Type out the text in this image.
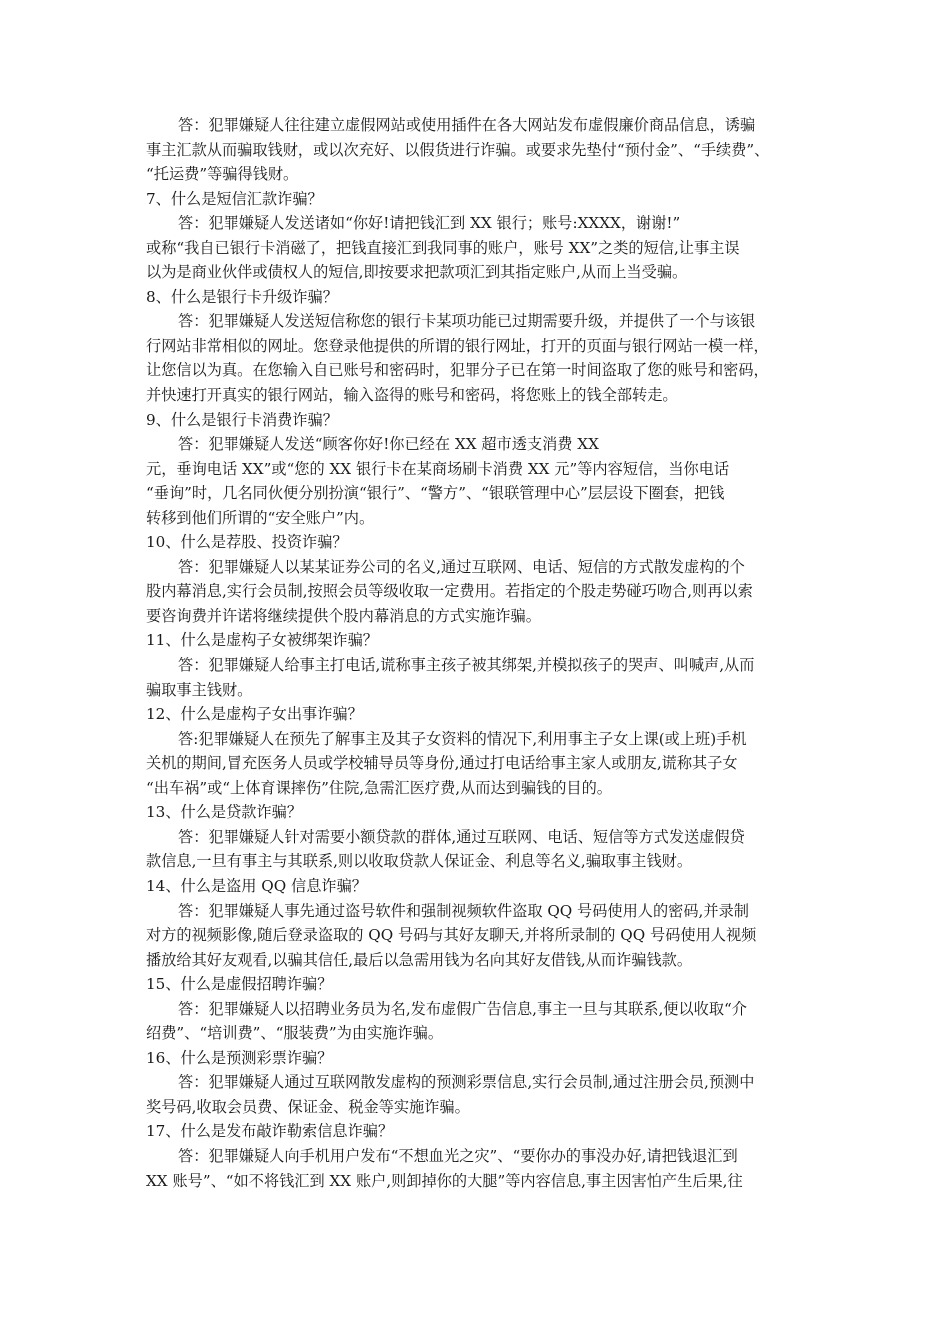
答：犯罪嫌疑人往往建立虚假网站或使用插件在各大网站发布虚假廉价商品信息，诱骗
事主汇款从而骗取钱财，或以次充好、以假货进行诈骗。或要求先垫付“预付金”、“手续费”、
“托运费”等骗得钱财。
7、什么是短信汇款诈骗？
答：犯罪嫌疑人发送诸如“你好!请把钱汇到 XX 银行；账号:XXXX，谢谢!”
或称“我自已银行卡消磁了，把钱直接汇到我同事的账户，账号 XX”之类的短信,让事主误
以为是商业伙伴或债权人的短信,即按要求把款项汇到其指定账户,从而上当受骗。
8、什么是银行卡升级诈骗？
答：犯罪嫌疑人发送短信称您的银行卡某项功能已过期需要升级，并提供了一个与该银
行网站非常相似的网址。您登录他提供的所谓的银行网址，打开的页面与银行网站一模一样，
让您信以为真。在您输入自已账号和密码时，犯罪分子已在第一时间盗取了您的账号和密码，
并快速打开真实的银行网站，输入盗得的账号和密码，将您账上的钱全部转走。
9、什么是银行卡消费诈骗？
答：犯罪嫌疑人发送“顾客你好!你已经在 XX 超市透支消费 XX
元，垂询电话 XX”或“您的 XX 银行卡在某商场刷卡消费 XX 元”等内容短信，当你电话
“垂询”时，几名同伙便分别扮演“银行”、“警方”、“银联管理中心”层层设下圈套，把钱
转移到他们所谓的“安全账户”内。
10、什么是荐股、投资诈骗？
答：犯罪嫌疑人以某某证券公司的名义,通过互联网、电话、短信的方式散发虚构的个
股内幕消息,实行会员制,按照会员等级收取一定费用。若指定的个股走势碰巧吻合,则再以索
要咨询费并许诺将继续提供个股内幕消息的方式实施诈骗。
11、什么是虚构子女被绑架诈骗？
答：犯罪嫌疑人给事主打电话,谎称事主孩子被其绑架,并模拟孩子的哭声、叫喊声,从而
骗取事主钱财。
12、什么是虚构子女出事诈骗？
答:犯罪嫌疑人在预先了解事主及其子女资料的情况下,利用事主子女上课(或上班)手机
关机的期间,冒充医务人员或学校辅导员等身份,通过打电话给事主家人或朋友,谎称其子女
“出车祸”或“上体育课摔伤”住院,急需汇医疗费,从而达到骗钱的目的。
13、什么是贷款诈骗？
答：犯罪嫌疑人针对需要小额贷款的群体,通过互联网、电话、短信等方式发送虚假贷
款信息,一旦有事主与其联系,则以收取贷款人保证金、利息等名义,骗取事主钱财。
14、什么是盗用 QQ 信息诈骗？
答：犯罪嫌疑人事先通过盗号软件和强制视频软件盗取 QQ 号码使用人的密码,并录制
对方的视频影像,随后登录盗取的 QQ 号码与其好友聊天,并将所录制的 QQ 号码使用人视频
播放给其好友观看,以骗其信任,最后以急需用钱为名向其好友借钱,从而诈骗钱款。
15、什么是虚假招聘诈骗？
答：犯罪嫌疑人以招聘业务员为名,发布虚假广告信息,事主一旦与其联系,便以收取“介
绍费”、“培训费”、“服装费”为由实施诈骗。
16、什么是预测彩票诈骗？
答：犯罪嫌疑人通过互联网散发虚构的预测彩票信息,实行会员制,通过注册会员,预测中
奖号码,收取会员费、保证金、税金等实施诈骗。
17、什么是发布敲诈勒索信息诈骗？
答：犯罪嫌疑人向手机用户发布“不想血光之灾”、“要你办的事没办好,请把钱退汇到
XX 账号”、“如不将钱汇到 XX 账户,则卸掉你的大腿”等内容信息,事主因害怕产生后果,往
